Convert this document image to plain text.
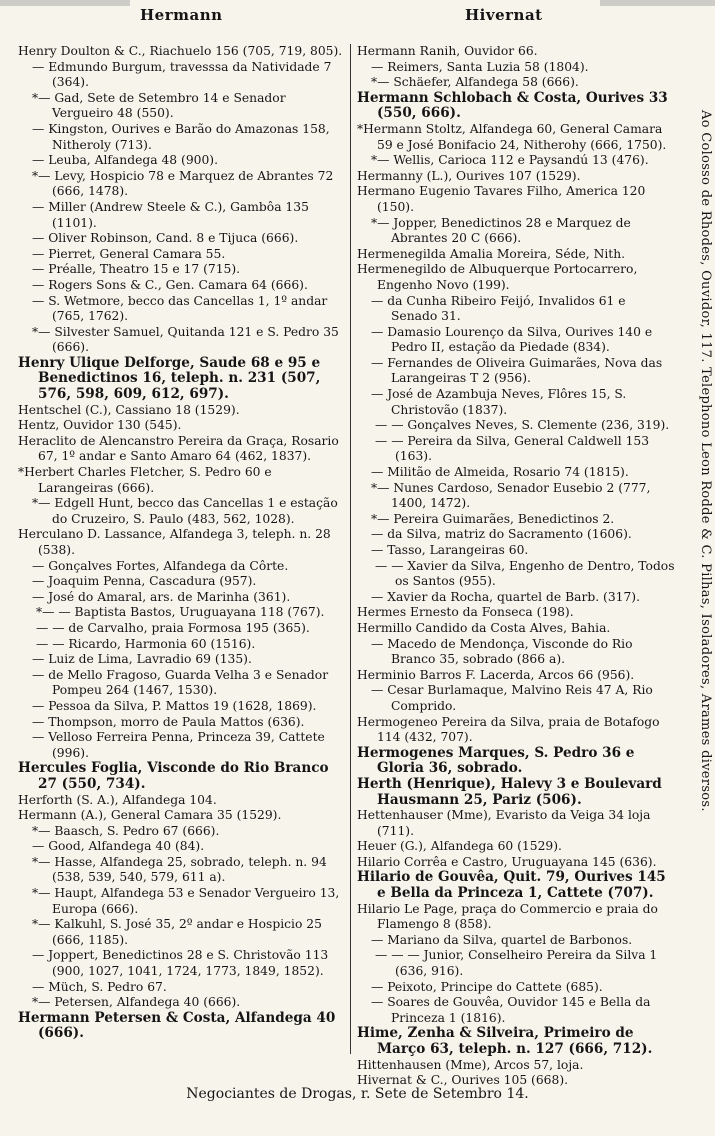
Hermann	Hivernat

Henry Doulton & C., Riachuelo 156 (705, 719, 805).

— Edmundo Burgum, travesssa da Natividade 7 (364).

*— Gad, Sete de Setembro 14 e Senador Vergueiro 48 (550).

— Kingston, Ourives e Barão do Amazonas 158, Nitheroly (713).

— Leuba, Alfandega 48 (900).

*— Levy, Hospicio 78 e Marquez de Abrantes 72 (666, 1478).

— Miller (Andrew Steele & C.), Gambôa 135 (1101).

— Oliver Robinson, Cand. 8 e Tijuca (666).

— Pierret, General Camara 55.

— Préalle, Theatro 15 e 17 (715).

— Rogers Sons & C., Gen. Camara 64 (666).

— S. Wetmore, becco das Cancellas 1, 1º andar (765, 1762).

*— Silvester Samuel, Quitanda 121 e S. Pedro 35 (666).

Henry Ulique Delforge, Saude 68 e 95 e Benedictinos 16, teleph. n. 231 (507, 576, 598, 609, 612, 697).

Hentschel (C.), Cassiano 18 (1529).

Hentz, Ouvidor 130 (545).

Heraclito de Alencanstro Pereira da Graça, Rosario 67, 1º andar e Santo Amaro 64 (462, 1837).

*Herbert Charles Fletcher, S. Pedro 60 e Larangeiras (666).

*— Edgell Hunt, becco das Cancellas 1 e estação do Cruzeiro, S. Paulo (483, 562, 1028).

Herculano D. Lassance, Alfandega 3, teleph. n. 28 (538).

— Gonçalves Fortes, Alfandega da Côrte.

— Joaquim Penna, Cascadura (957).

— José do Amaral, ars. de Marinha (361).

*— — Baptista Bastos, Uruguayana 118 (767).

— — de Carvalho, praia Formosa 195 (365).

— — Ricardo, Harmonia 60 (1516).

— Luiz de Lima, Lavradio 69 (135).

— de Mello Fragoso, Guarda Velha 3 e Senador Pompeu 264 (1467, 1530).

— Pessoa da Silva, P. Mattos 19 (1628, 1869).

— Thompson, morro de Paula Mattos (636).

— Velloso Ferreira Penna, Princeza 39, Cattete (996).

Hercules Foglia, Visconde do Rio Branco 27 (550, 734).

Herforth (S. A.), Alfandega 104.

Hermann (A.), General Camara 35 (1529).

*— Baasch, S. Pedro 67 (666).

— Good, Alfandega 40 (84).

*— Hasse, Alfandega 25, sobrado, teleph. n. 94 (538, 539, 540, 579, 611 a).

*— Haupt, Alfandega 53 e Senador Vergueiro 13, Europa (666).

*— Kalkuhl, S. José 35, 2º andar e Hospicio 25 (666, 1185).

— Joppert, Benedictinos 28 e S. Christovão 113 (900, 1027, 1041, 1724, 1773, 1849, 1852).

— Müch, S. Pedro 67.

*— Petersen, Alfandega 40 (666).

Hermann Petersen & Costa, Alfandega 40 (666).

Hermann Ranih, Ouvidor 66.

— Reimers, Santa Luzia 58 (1804).

*— Schäefer, Alfandega 58 (666).

Hermann Schlobach & Costa, Ourives 33 (550, 666).

*Hermann Stoltz, Alfandega 60, General Camara 59 e José Bonifacio 24, Nitherohy (666, 1750).

*— Wellis, Carioca 112 e Paysandú 13 (476).

Hermanny (L.), Ourives 107 (1529).

Hermano Eugenio Tavares Filho, America 120 (150).

*— Jopper, Benedictinos 28 e Marquez de Abrantes 20 C (666).

Hermenegilda Amalia Moreira, Séde, Nith.

Hermenegildo de Albuquerque Portocarrero, Engenho Novo (199).

— da Cunha Ribeiro Feijó, Invalidos 61 e Senado 31.

— Damasio Lourenço da Silva, Ourives 140 e Pedro II, estação da Piedade (834).

— Fernandes de Oliveira Guimarães, Nova das Larangeiras T 2 (956).

— José de Azambuja Neves, Flôres 15, S. Christovão (1837).

— — Gonçalves Neves, S. Clemente (236, 319).

— — Pereira da Silva, General Caldwell 153 (163).

— Militão de Almeida, Rosario 74 (1815).

*— Nunes Cardoso, Senador Eusebio 2 (777, 1400, 1472).

*— Pereira Guimarães, Benedictinos 2.

— da Silva, matriz do Sacramento (1606).

— Tasso, Larangeiras 60.

— — Xavier da Silva, Engenho de Dentro, Todos os Santos (955).

— Xavier da Rocha, quartel de Barb. (317).

Hermes Ernesto da Fonseca (198).

Hermillo Candido da Costa Alves, Bahia.

— Macedo de Mendonça, Visconde do Rio Branco 35, sobrado (866 a).

Herminio Barros F. Lacerda, Arcos 66 (956).

— Cesar Burlamaque, Malvino Reis 47 A, Rio Comprido.

Hermogeneo Pereira da Silva, praia de Botafogo 114 (432, 707).

Hermogenes Marques, S. Pedro 36 e Gloria 36, sobrado.

Herth (Henrique), Halevy 3 e Boulevard Hausmann 25, Pariz (506).

Hettenhauser (Mme), Evaristo da Veiga 34 loja (711).

Heuer (G.), Alfandega 60 (1529).

Hilario Corrêa e Castro, Uruguayana 145 (636).

Hilario de Gouvêa, Quit. 79, Ourives 145 e Bella da Princeza 1, Cattete (707).

Hilario Le Page, praça do Commercio e praia do Flamengo 8 (858).

— Mariano da Silva, quartel de Barbonos.

— — — Junior, Conselheiro Pereira da Silva 1 (636, 916).

— Peixoto, Principe do Cattete (685).

— Soares de Gouvêa, Ouvidor 145 e Bella da Princeza 1 (1816).

Hime, Zenha & Silveira, Primeiro de Março 63, teleph. n. 127 (666, 712).

Hittenhausen (Mme), Arcos 57, loja.

Hivernat & C., Ourives 105 (668).

Ao Colosso de Rhodes, Ouvidor, 117. Telephono Leon Rodde & C. Pilhas, Isoladores, Arames diversos.
Negociantes de Drogas, r. Sete de Setembro 14.
